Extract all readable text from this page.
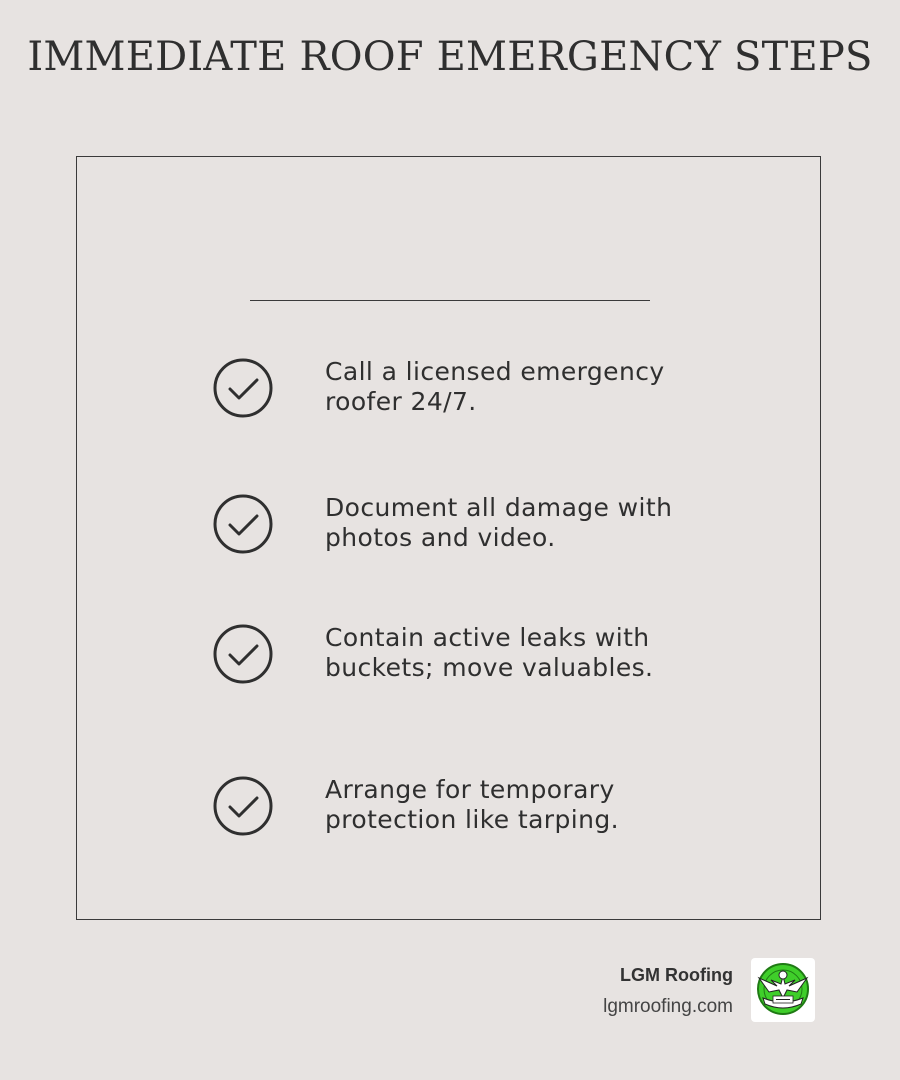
IMMEDIATE ROOF EMERGENCY STEPS
Call a licensed emergency
roofer 24/7.
Document all damage with
photos and video.
Contain active leaks with
buckets; move valuables.
Arrange for temporary
protection like tarping.
LGM Roofing
lgmroofing.com
